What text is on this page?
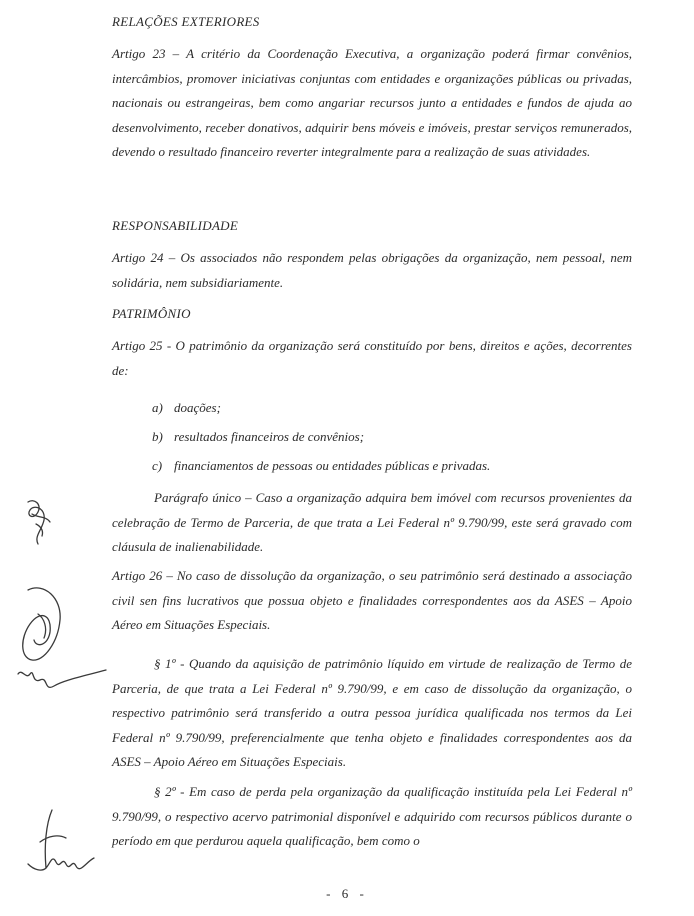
RELAÇÕES EXTERIORES

Artigo 23 – A critério da Coordenação Executiva, a organização poderá firmar convênios, intercâmbios, promover iniciativas conjuntas com entidades e organizações públicas ou privadas, nacionais ou estrangeiras, bem como angariar recursos junto a entidades e fundos de ajuda ao desenvolvimento, receber donativos, adquirir bens móveis e imóveis, prestar serviços remunerados, devendo o resultado financeiro reverter integralmente para a realização de suas atividades.

RESPONSABILIDADE

Artigo 24 – Os associados não respondem pelas obrigações da organização, nem pessoal, nem solidária, nem subsidiariamente.

PATRIMÔNIO

Artigo 25 - O patrimônio da organização será constituído por bens, direitos e ações, decorrentes de:

a) doações;

b) resultados financeiros de convênios;

c) financiamentos de pessoas ou entidades públicas e privadas.

Parágrafo único – Caso a organização adquira bem imóvel com recursos provenientes da celebração de Termo de Parceria, de que trata a Lei Federal nº 9.790/99, este será gravado com cláusula de inalienabilidade.

Artigo 26 – No caso de dissolução da organização, o seu patrimônio será destinado a associação civil sen fins lucrativos que possua objeto e finalidades correspondentes aos da ASES – Apoio Aéreo em Situações Especiais.

§ 1º - Quando da aquisição de patrimônio líquido em virtude de realização de Termo de Parceria, de que trata a Lei Federal nº 9.790/99, e em caso de dissolução da organização, o respectivo patrimônio será transferido a outra pessoa jurídica qualificada nos termos da Lei Federal nº 9.790/99, preferencialmente que tenha objeto e finalidades correspondentes aos da ASES – Apoio Aéreo em Situações Especiais.

§ 2º - Em caso de perda pela organização da qualificação instituída pela Lei Federal nº 9.790/99, o respectivo acervo patrimonial disponível e adquirido com recursos públicos durante o período em que perdurou aquela qualificação, bem como o

- 6 -
